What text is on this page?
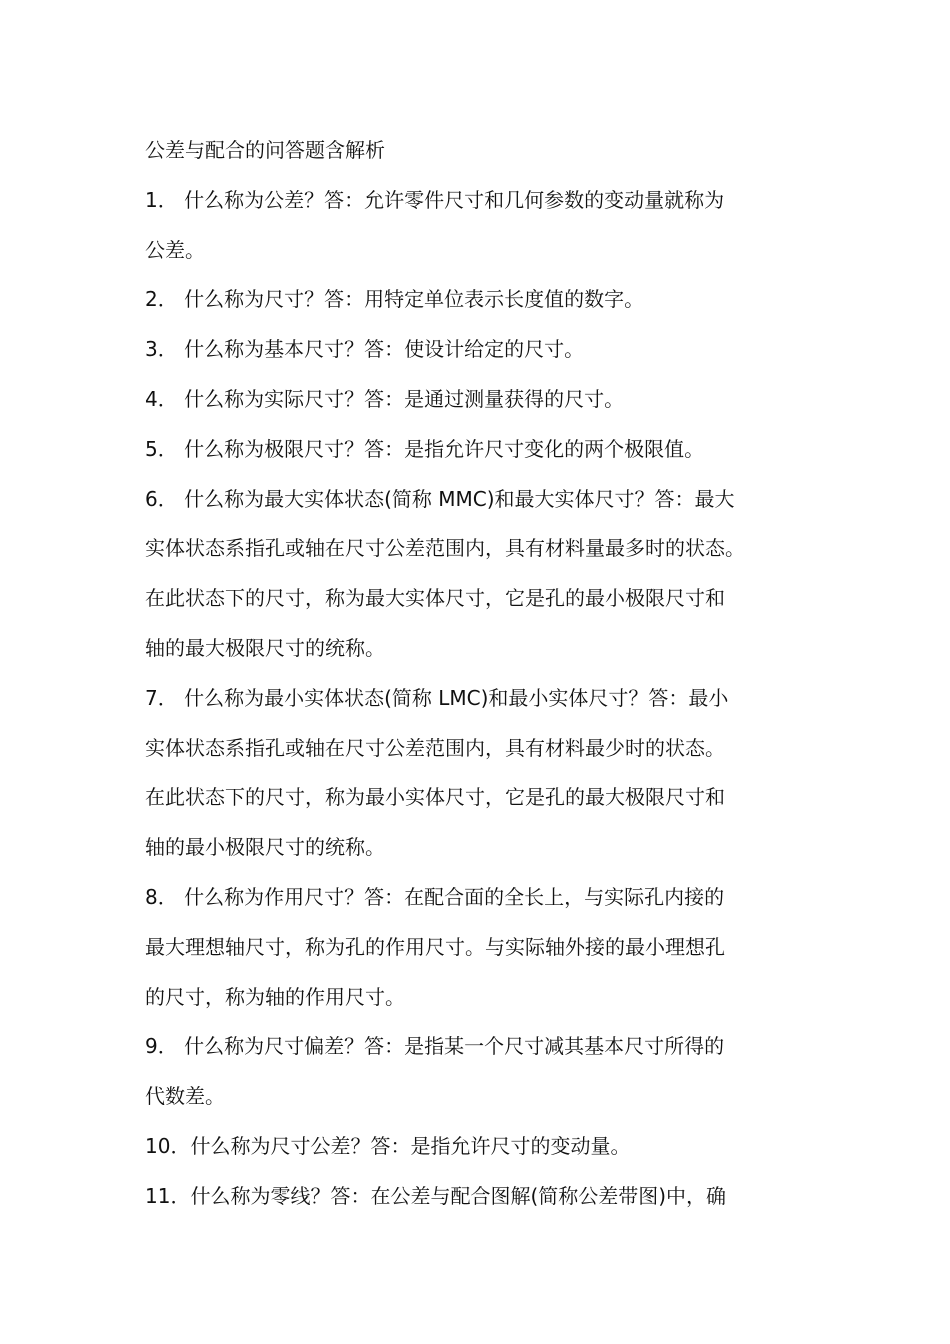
公差与配合的问答题含解析
1． 什么称为公差？答：允许零件尺寸和几何参数的变动量就称为
公差。
2． 什么称为尺寸？答：用特定单位表示长度值的数字。
3． 什么称为基本尺寸？答：使设计给定的尺寸。
4． 什么称为实际尺寸？答：是通过测量获得的尺寸。
5． 什么称为极限尺寸？答：是指允许尺寸变化的两个极限值。
6． 什么称为最大实体状态(简称 MMC)和最大实体尺寸？答：最大
实体状态系指孔或轴在尺寸公差范围内，具有材料量最多时的状态。
在此状态下的尺寸，称为最大实体尺寸，它是孔的最小极限尺寸和
轴的最大极限尺寸的统称。
7． 什么称为最小实体状态(简称 LMC)和最小实体尺寸？答：最小
实体状态系指孔或轴在尺寸公差范围内，具有材料最少时的状态。
在此状态下的尺寸，称为最小实体尺寸，它是孔的最大极限尺寸和
轴的最小极限尺寸的统称。
8． 什么称为作用尺寸？答：在配合面的全长上，与实际孔内接的
最大理想轴尺寸，称为孔的作用尺寸。与实际轴外接的最小理想孔
的尺寸，称为轴的作用尺寸。
9． 什么称为尺寸偏差？答：是指某一个尺寸减其基本尺寸所得的
代数差。
10．什么称为尺寸公差？答：是指允许尺寸的变动量。
11．什么称为零线？答：在公差与配合图解(简称公差带图)中，确
